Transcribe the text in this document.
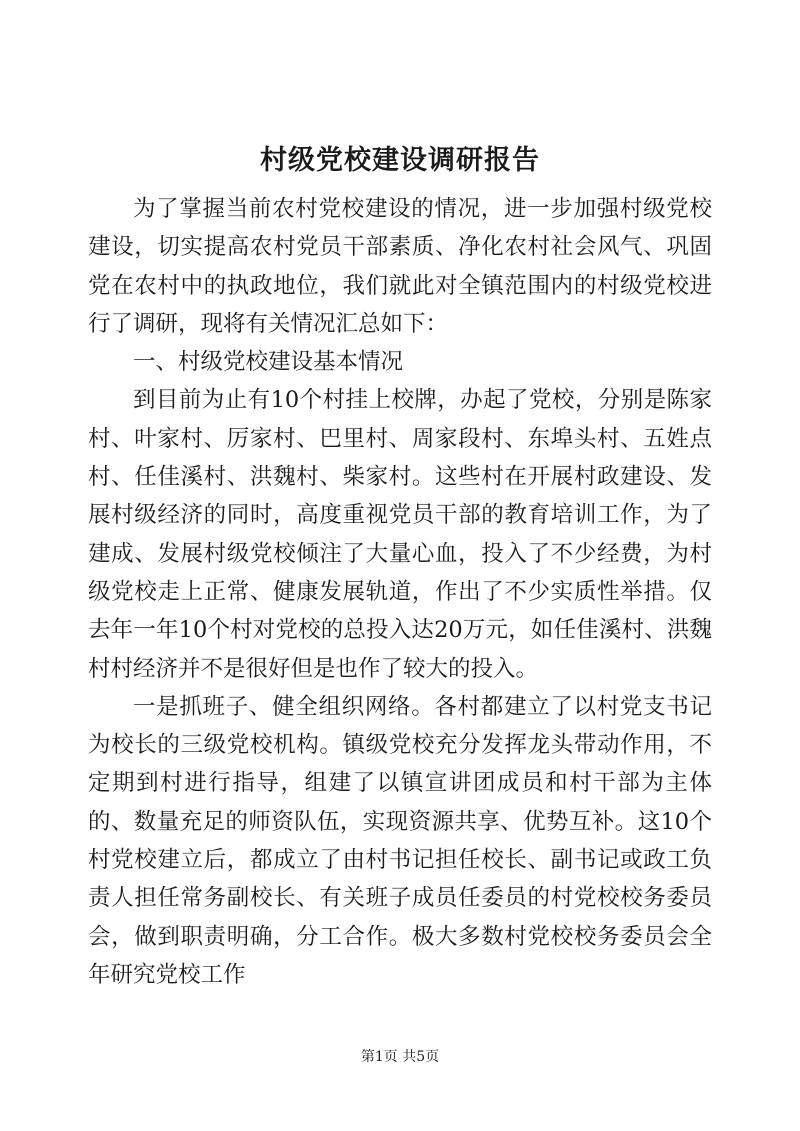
村级党校建设调研报告

为了掌握当前农村党校建设的情况，进一步加强村级党校建设，切实提高农村党员干部素质、净化农村社会风气、巩固党在农村中的执政地位，我们就此对全镇范围内的村级党校进行了调研，现将有关情况汇总如下：

一、村级党校建设基本情况

到目前为止有10个村挂上校牌，办起了党校，分别是陈家村、叶家村、厉家村、巴里村、周家段村、东埠头村、五姓点村、任佳溪村、洪魏村、柴家村。这些村在开展村政建设、发展村级经济的同时，高度重视党员干部的教育培训工作，为了建成、发展村级党校倾注了大量心血，投入了不少经费，为村级党校走上正常、健康发展轨道，作出了不少实质性举措。仅去年一年10个村对党校的总投入达20万元，如任佳溪村、洪魏村村经济并不是很好但是也作了较大的投入。

一是抓班子、健全组织网络。各村都建立了以村党支书记为校长的三级党校机构。镇级党校充分发挥龙头带动作用，不定期到村进行指导，组建了以镇宣讲团成员和村干部为主体的、数量充足的师资队伍，实现资源共享、优势互补。这10个村党校建立后，都成立了由村书记担任校长、副书记或政工负责人担任常务副校长、有关班子成员任委员的村党校校务委员会，做到职责明确，分工合作。极大多数村党校校务委员会全年研究党校工作

第1页 共5页
